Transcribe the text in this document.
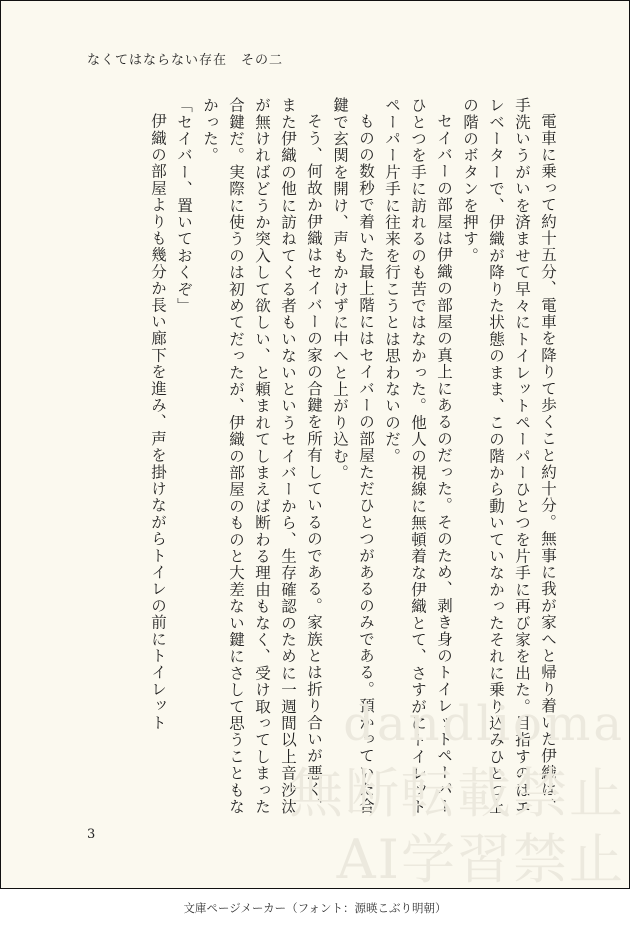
なくてはならない存在　その二

電車に乗って約十五分、電車を降りて歩くこと約十分。無事に我が家へと帰り着いた伊織は、手洗いうがいを済ませて早々にトイレットペーパーひとつを片手に再び家を出た。目指すのはエレベーターで、伊織が降りた状態のまま、この階から動いていなかったそれに乗り込みひとつ上の階のボタンを押す。

セイバーの部屋は伊織の部屋の真上にあるのだった。そのため、剥き身のトイレットペーパーひとつを手に訪れるのも苦ではなかった。他人の視線に無頓着な伊織とて、さすがにトイレットペーパー片手に往来を行こうとは思わないのだ。

ものの数秒で着いた最上階にはセイバーの部屋ただひとつがあるのみである。預かっていた合鍵で玄関を開け、声もかけずに中へと上がり込む。

そう、何故か伊織はセイバーの家の合鍵を所有しているのである。家族とは折り合いが悪く、また伊織の他に訪ねてくる者もいないというセイバーから、生存確認のために一週間以上音沙汰が無ければどうか突入して欲しい、と頼まれてしまえば断わる理由もなく、受け取ってしまった合鍵だ。実際に使うのは初めてだったが、伊織の部屋のものと大差ない鍵にさして思うこともなかった。

「セイバー、置いておくぞ」

伊織の部屋よりも幾分か長い廊下を進み、声を掛けながらトイレの前にトイレット

3
dandlioma
無断転載禁止
AI学習禁止
文庫ページメーカー（フォント：源暎こぶり明朝）
